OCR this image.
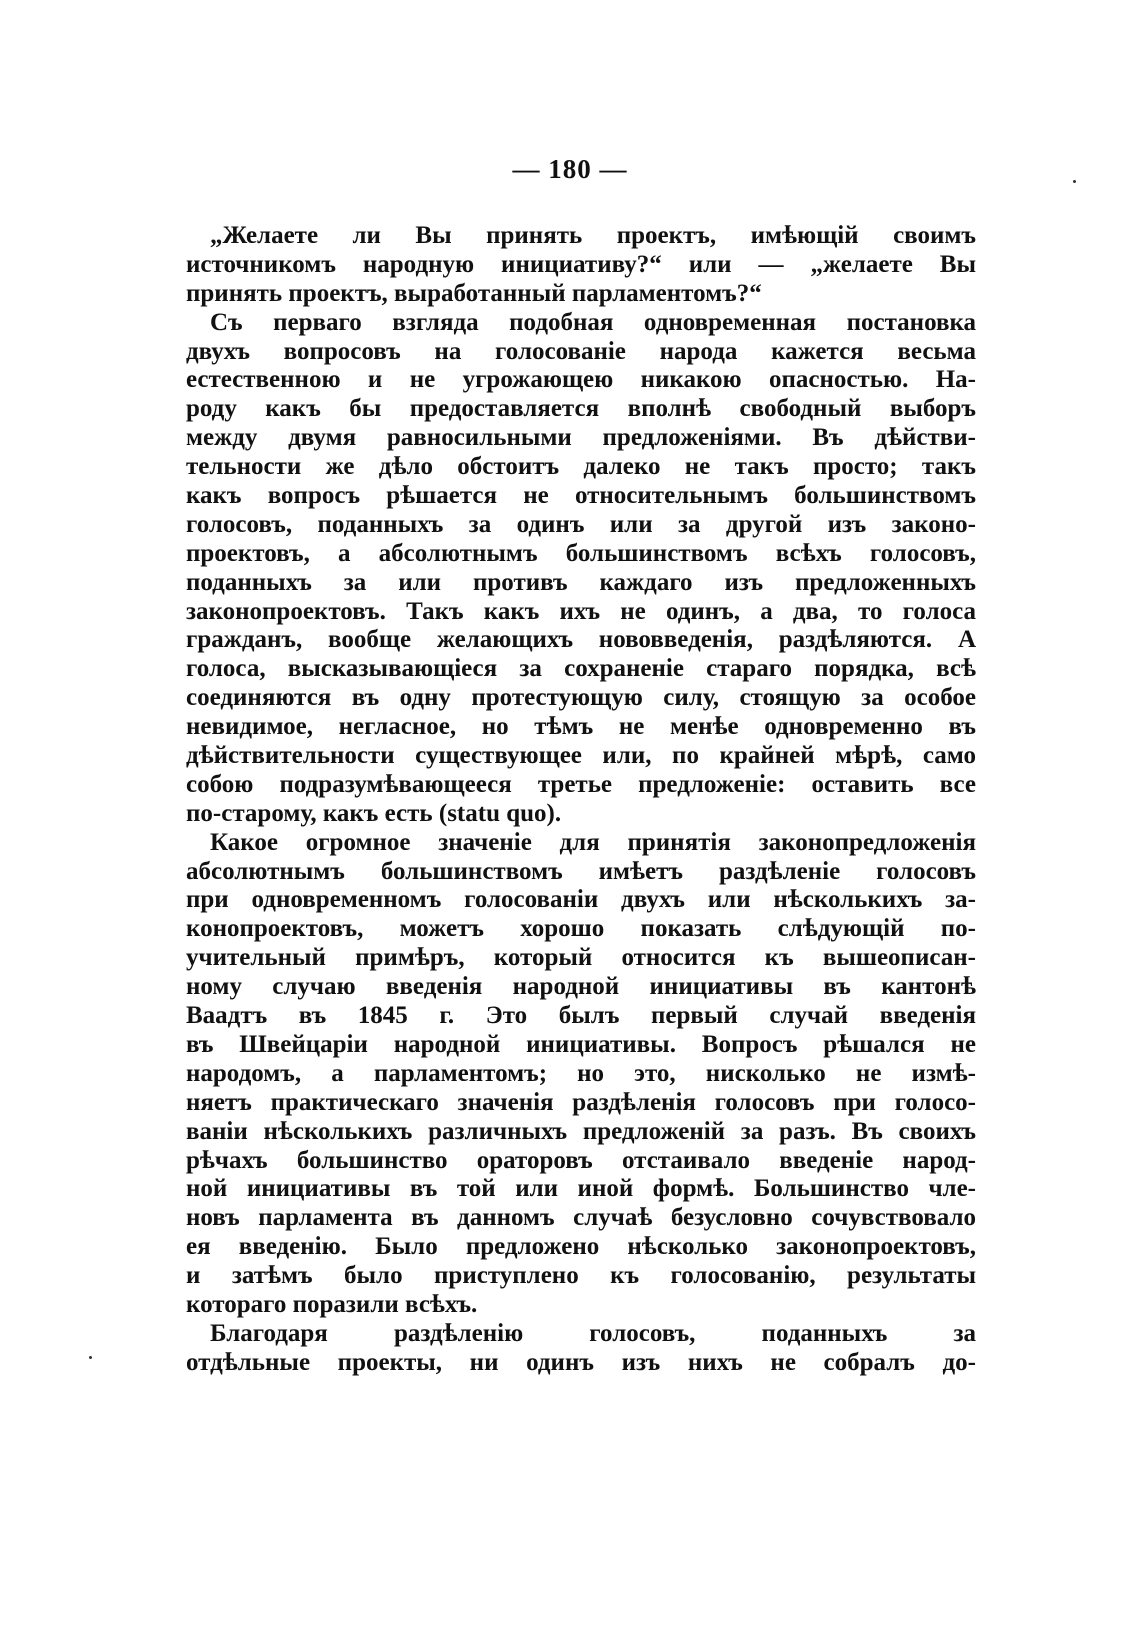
— 180 —
„Желаете ли Вы принять проектъ, имѣющій своимъ
источникомъ народную инициативу?“ или — „желаете Вы
принять проектъ, выработанный парламентомъ?“
Съ перваго взгляда подобная одновременная постановка
двухъ вопросовъ на голосованіе народа кажется весьма
естественною и не угрожающею никакою опасностью. На-
роду какъ бы предоставляется вполнѣ свободный выборъ
между двумя равносильными предложеніями. Въ дѣйстви-
тельности же дѣло обстоитъ далеко не такъ просто; такъ
какъ вопросъ рѣшается не относительнымъ большинствомъ
голосовъ, поданныхъ за одинъ или за другой изъ законо-
проектовъ, а абсолютнымъ большинствомъ всѣхъ голосовъ,
поданныхъ за или противъ каждаго изъ предложенныхъ
законопроектовъ. Такъ какъ ихъ не одинъ, а два, то голоса
гражданъ, вообще желающихъ нововведенія, раздѣляются. А
голоса, высказывающіеся за сохраненіе стараго порядка, всѣ
соединяются въ одну протестующую силу, стоящую за особое
невидимое, негласное, но тѣмъ не менѣе одновременно въ
дѣйствительности существующее или, по крайней мѣрѣ, само
собою подразумѣвающееся третье предложеніе: оставить все
по-старому, какъ есть (statu quo).
Какое огромное значеніе для принятія законопредложенія
абсолютнымъ большинствомъ имѣетъ раздѣленіе голосовъ
при одновременномъ голосованіи двухъ или нѣсколькихъ за-
конопроектовъ, можетъ хорошо показать слѣдующій по-
учительный примѣръ, который относится къ вышеописан-
ному случаю введенія народной инициативы въ кантонѣ
Ваадтъ въ 1845 г. Это былъ первый случай введенія
въ Швейцаріи народной инициативы. Вопросъ рѣшался не
народомъ, а парламентомъ; но это, нисколько не измѣ-
няетъ практическаго значенія раздѣленія голосовъ при голосо-
ваніи нѣсколькихъ различныхъ предложеній за разъ. Въ своихъ
рѣчахъ большинство ораторовъ отстаивало введеніе народ-
ной инициативы въ той или иной формѣ. Большинство чле-
новъ парламента въ данномъ случаѣ безусловно сочувствовало
ея введенію. Было предложено нѣсколько законопроектовъ,
и затѣмъ было приступлено къ голосованію, результаты
котораго поразили всѣхъ.
Благодаря раздѣленію голосовъ, поданныхъ за
отдѣльные проекты, ни одинъ изъ нихъ не собралъ до-
